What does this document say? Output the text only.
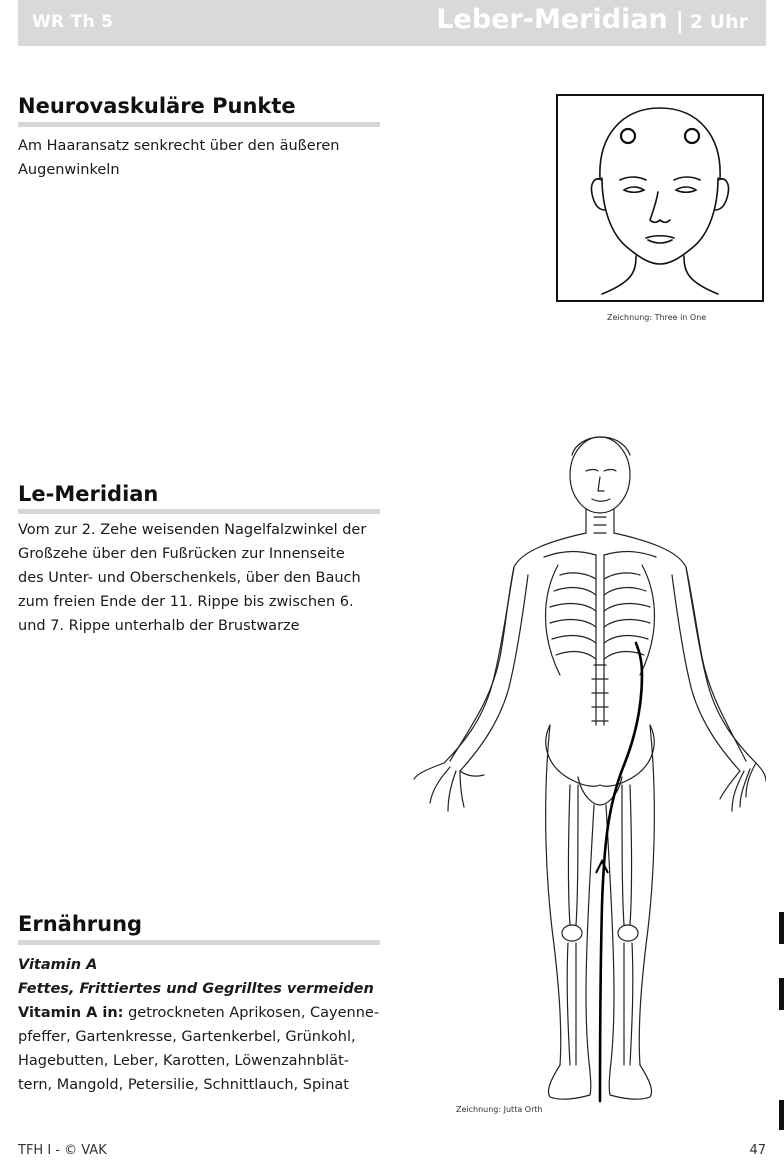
WR Th 5	Leber-Meridian | 2 Uhr
Neurovaskuläre Punkte

Am Haaransatz senkrecht über den äußeren
Augenwinkeln

Zeichnung: Three in One
Le-Meridian

Vom zur 2. Zehe weisenden Nagelfalzwinkel der
Großzehe über den Fußrücken zur Innenseite
des Unter- und Oberschenkels, über den Bauch
zum freien Ende der 11. Rippe bis zwischen 6.
und 7. Rippe unterhalb der Brustwarze

Zeichnung: Jutta Orth
Ernährung
Vitamin A
Fettes, Frittiertes und Gegrilltes vermeiden
Vitamin A in: getrockneten Aprikosen, Cayenne-
pfeffer, Gartenkresse, Gartenkerbel, Grünkohl,
Hagebutten, Leber, Karotten, Löwenzahnblät-
tern, Mangold, Petersilie, Schnittlauch, Spinat
TFH I - © VAK	47
